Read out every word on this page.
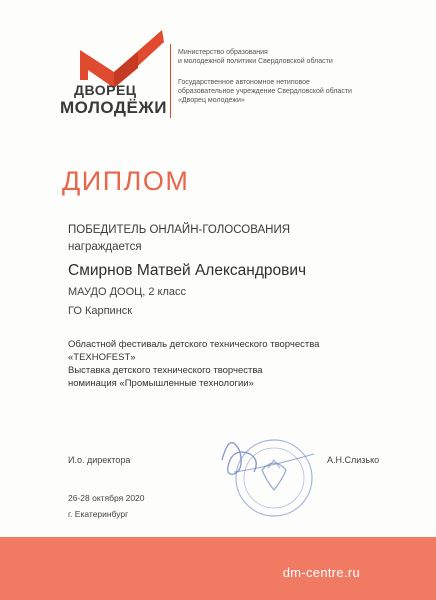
ДВОРЕЦ
МОЛОДЁЖИ
Министерство образования
и молодежной политики Свердловской области
Государственное автономное нетиповое
образовательное учреждение Свердловской области
«Дворец молодежи»
ДИПЛОМ
ПОБЕДИТЕЛЬ ОНЛАЙН-ГОЛОСОВАНИЯ
награждается
Смирнов Матвей Александрович
МАУДО ДООЦ, 2 класс
ГО Карпинск
Областной фестиваль детского технического творчества
«TEXHOFEST»
Выставка детского технического творчества
номинация «Промышленные технологии»
И.о. директора	А.Н.Слизько
26-28 октября 2020
г. Екатеринбург
dm-centre.ru
